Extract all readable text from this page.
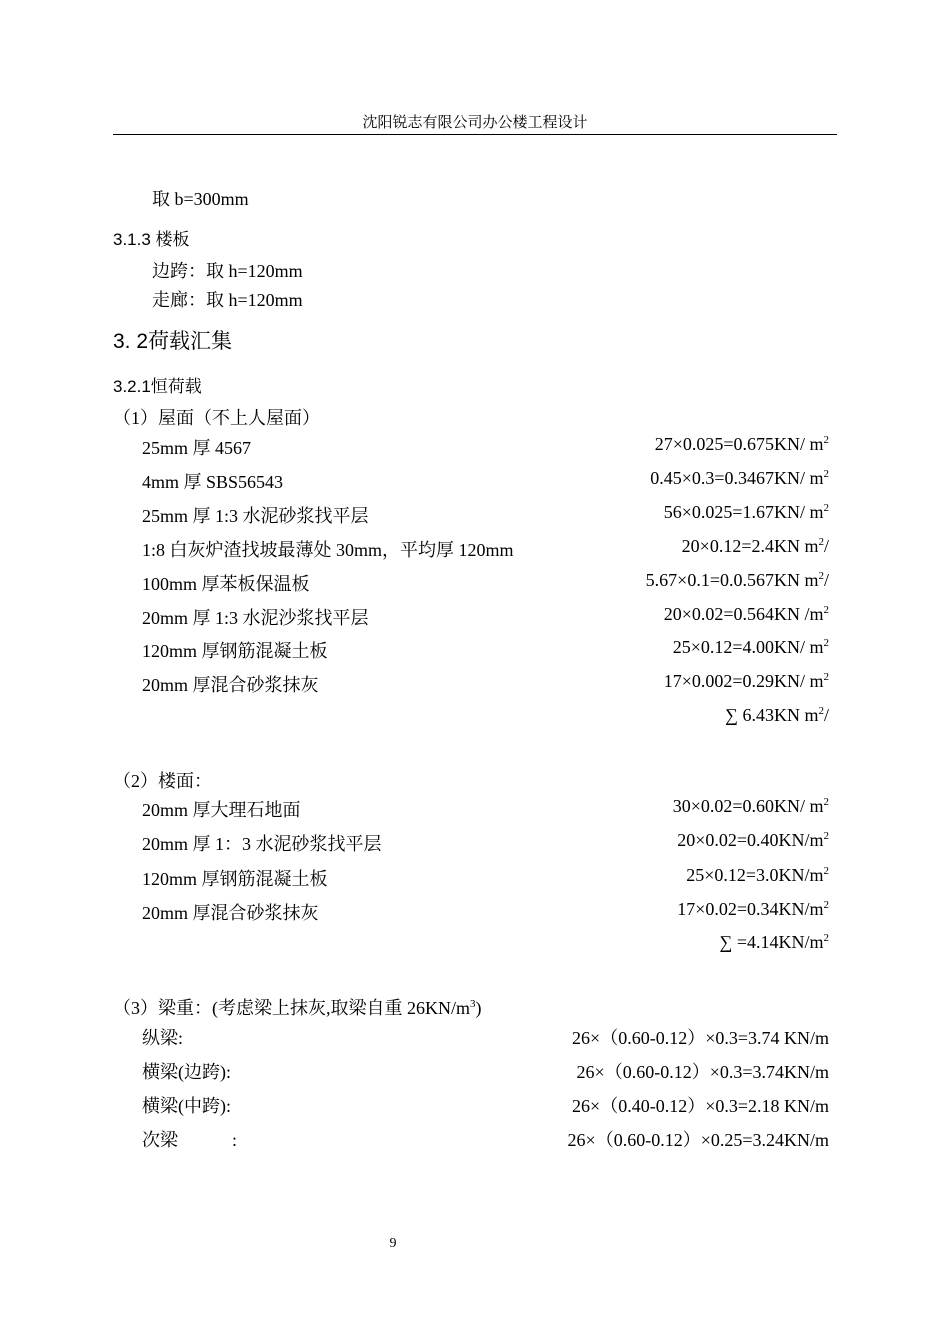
沈阳锐志有限公司办公楼工程设计
取 b=300mm
3.1.3 楼板
边跨：取 h=120mm
走廊：取 h=120mm
3. 2荷载汇集
3.2.1恒荷载
（1）屋面（不上人屋面）
25mm 厚 4567	27×0.025=0.675KN/ $m^2$
4mm 厚 SBS56543	0.45×0.3=0.3467KN/ $m^2$
25mm 厚 1:3 水泥砂浆找平层	56×0.025=1.67KN/ $m^2$
1:8 白灰炉渣找坡最薄处 30mm，平均厚 120mm	20×0.12=2.4KN $m^2/$
100mm 厚苯板保温板	5.67×0.1=0.0.567KN $m^2/$
20mm 厚 1:3 水泥沙浆找平层	20×0.02=0.564KN $/m^2$
120mm 厚钢筋混凝土板	25×0.12=4.00KN/ $m^2$
20mm 厚混合砂浆抹灰	17×0.002=0.29KN/ $m^2$
∑ 6.43KN $m^2/$
（2）楼面：
20mm 厚大理石地面	30×0.02=0.60KN/ $m^2$
20mm 厚 1：3 水泥砂浆找平层	$20\times 0.02=0.40KN/m^2$
120mm 厚钢筋混凝土板	$25\times 0.12=3.0KN/m^2$
20mm 厚混合砂浆抹灰	$17\times 0.02=0.34KN/m^2$
∑ $=4.14KN/m^2$
（3）梁重：(考虑梁上抹灰,取梁自重 $26KN/m^3$)
纵梁:	26×（0.60-0.12）×0.3=3.74 KN/m
横梁(边跨):	26×（0.60-0.12）×0.3=3.74KN/m
横梁(中跨):	26×（0.40-0.12）×0.3=2.18 KN/m
次梁　　　:	26×（0.60-0.12）×0.25=3.24KN/m
9
